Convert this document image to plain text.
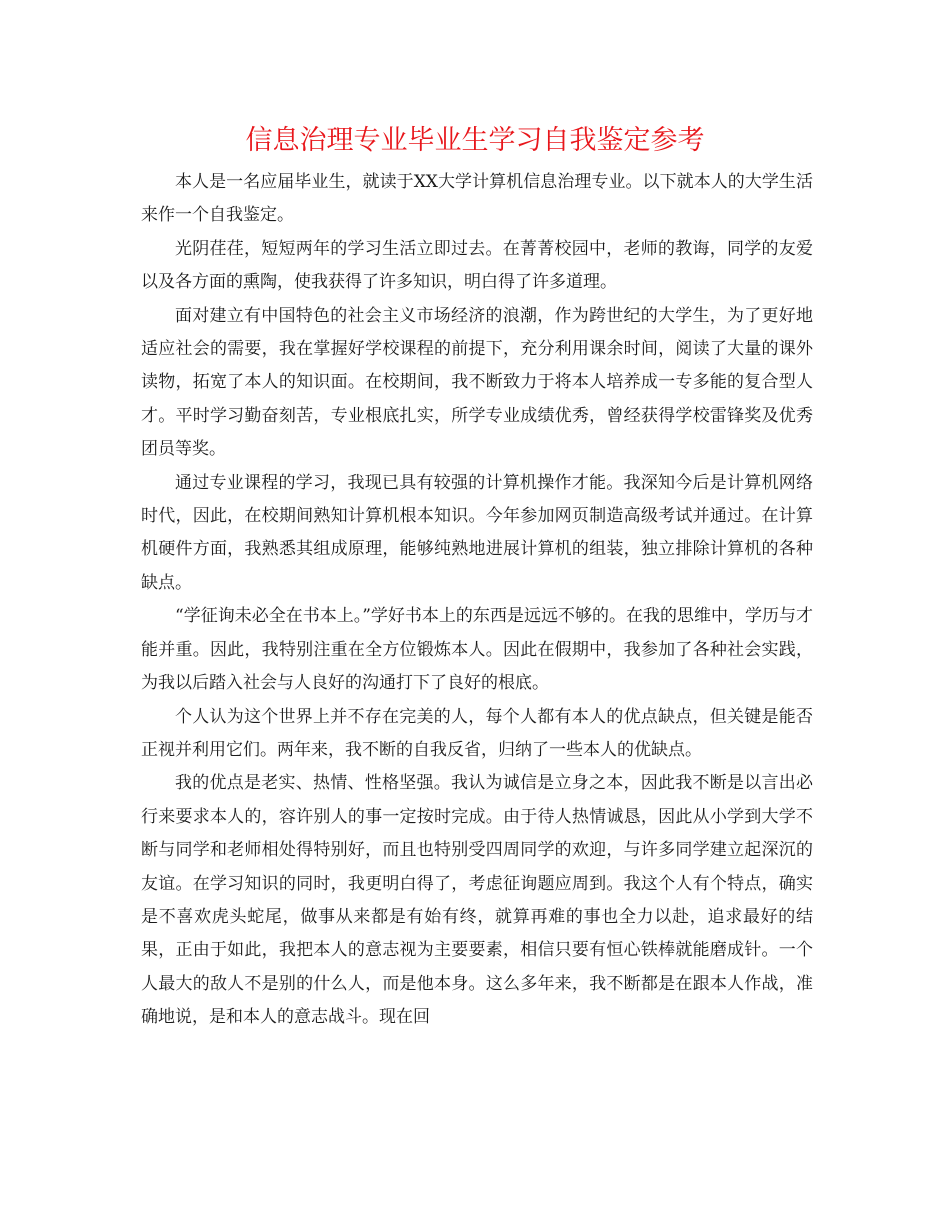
信息治理专业毕业生学习自我鉴定参考

本人是一名应届毕业生，就读于XX大学计算机信息治理专业。以下就本人的大学生活来作一个自我鉴定。

光阴荏荏，短短两年的学习生活立即过去。在菁菁校园中，老师的教诲，同学的友爱以及各方面的熏陶，使我获得了许多知识，明白得了许多道理。

面对建立有中国特色的社会主义市场经济的浪潮，作为跨世纪的大学生，为了更好地适应社会的需要，我在掌握好学校课程的前提下，充分利用课余时间，阅读了大量的课外读物，拓宽了本人的知识面。在校期间，我不断致力于将本人培养成一专多能的复合型人才。平时学习勤奋刻苦，专业根底扎实，所学专业成绩优秀，曾经获得学校雷锋奖及优秀团员等奖。

通过专业课程的学习，我现已具有较强的计算机操作才能。我深知今后是计算机网络时代，因此，在校期间熟知计算机根本知识。今年参加网页制造高级考试并通过。在计算机硬件方面，我熟悉其组成原理，能够纯熟地进展计算机的组装，独立排除计算机的各种缺点。

“学征询未必全在书本上。”学好书本上的东西是远远不够的。在我的思维中，学历与才能并重。因此，我特别注重在全方位锻炼本人。因此在假期中，我参加了各种社会实践，为我以后踏入社会与人良好的沟通打下了良好的根底。

个人认为这个世界上并不存在完美的人，每个人都有本人的优点缺点，但关键是能否正视并利用它们。两年来，我不断的自我反省，归纳了一些本人的优缺点。

我的优点是老实、热情、性格坚强。我认为诚信是立身之本，因此我不断是以言出必行来要求本人的，容许别人的事一定按时完成。由于待人热情诚恳，因此从小学到大学不断与同学和老师相处得特别好，而且也特别受四周同学的欢迎，与许多同学建立起深沉的友谊。在学习知识的同时，我更明白得了，考虑征询题应周到。我这个人有个特点，确实是不喜欢虎头蛇尾，做事从来都是有始有终，就算再难的事也全力以赴，追求最好的结果，正由于如此，我把本人的意志视为主要要素，相信只要有恒心铁棒就能磨成针。一个人最大的敌人不是别的什么人，而是他本身。这么多年来，我不断都是在跟本人作战，准确地说，是和本人的意志战斗。现在回
